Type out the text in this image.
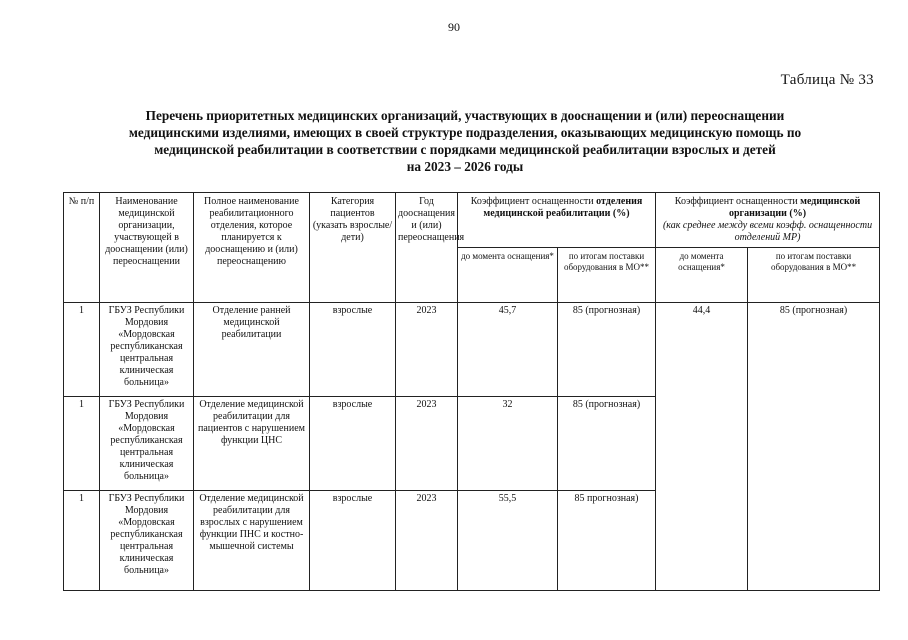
90
Таблица № 33
Перечень приоритетных медицинских организаций, участвующих в дооснащении и (или) переоснащении
медицинскими изделиями, имеющих в своей структуре подразделения, оказывающих медицинскую помощь по
медицинской реабилитации в соответствии с порядками медицинской реабилитации взрослых и детей
на 2023 – 2026 годы
№ п/п	Наименование медицинской организации, участвующей в дооснащении (или) переоснащении	Полное наименование реабилитационного отделения, которое планируется к дооснащению и (или) переоснащению	Категория пациентов (указать взрослые/дети)	Год дооснащения и (или) переоснащения	Коэффициент оснащенности отделения медицинской реабилитации (%)		Коэффициент оснащенности медицинской организации (%)
(как среднее между всеми коэфф. оснащенности отделений МР)	

					до момента оснащения*	по итогам поставки оборудования в МО**	до момента оснащения*	по итогам поставки оборудования в МО**
1	ГБУЗ Республики Мордовия «Мордовская республиканская центральная клиническая больница»	Отделение ранней медицинской реабилитации	взрослые	2023	45,7	85 (прогнозная)	44,4	85 (прогнозная)
1	ГБУЗ Республики Мордовия «Мордовская республиканская центральная клиническая больница»	Отделение медицинской реабилитации для пациентов с нарушением функции ЦНС	взрослые	2023	32	85 (прогнозная)		
1	ГБУЗ Республики Мордовия «Мордовская республиканская центральная клиническая больница»	Отделение медицинской реабилитации для взрослых с нарушением функции ПНС и костно-мышечной системы	взрослые	2023	55,5	85 прогнозная)		
